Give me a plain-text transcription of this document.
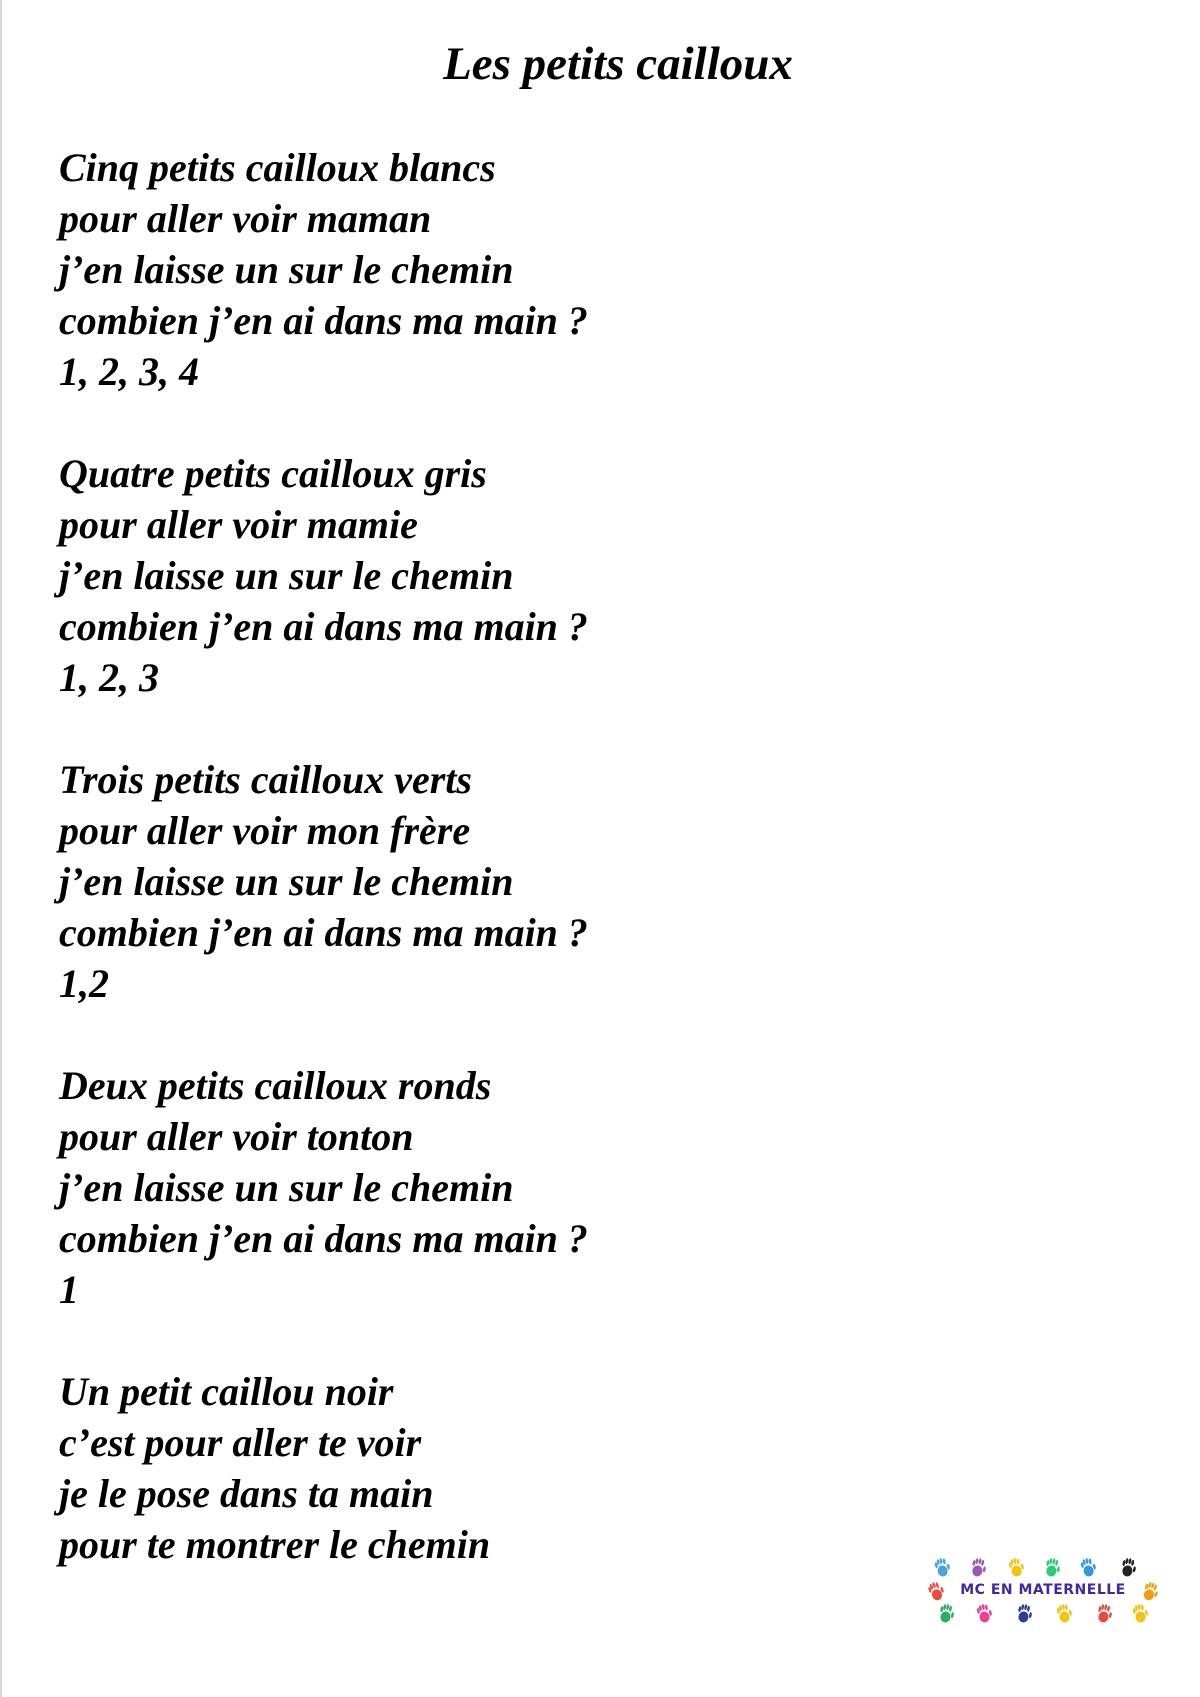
Les petits cailloux
Cinq petits cailloux blancs
pour aller voir maman
j’en laisse un sur le chemin
combien j’en ai dans ma main ?
1, 2, 3, 4
Quatre petits cailloux gris
pour aller voir mamie
j’en laisse un sur le chemin
combien j’en ai dans ma main ?
1, 2, 3
Trois petits cailloux verts
pour aller voir mon frère
j’en laisse un sur le chemin
combien j’en ai dans ma main ?
1,2
Deux petits cailloux ronds
pour aller voir tonton
j’en laisse un sur le chemin
combien j’en ai dans ma main ?
1
Un petit caillou noir
c’est pour aller te voir
je le pose dans ta main
pour te montrer le chemin
MC EN MATERNELLE
